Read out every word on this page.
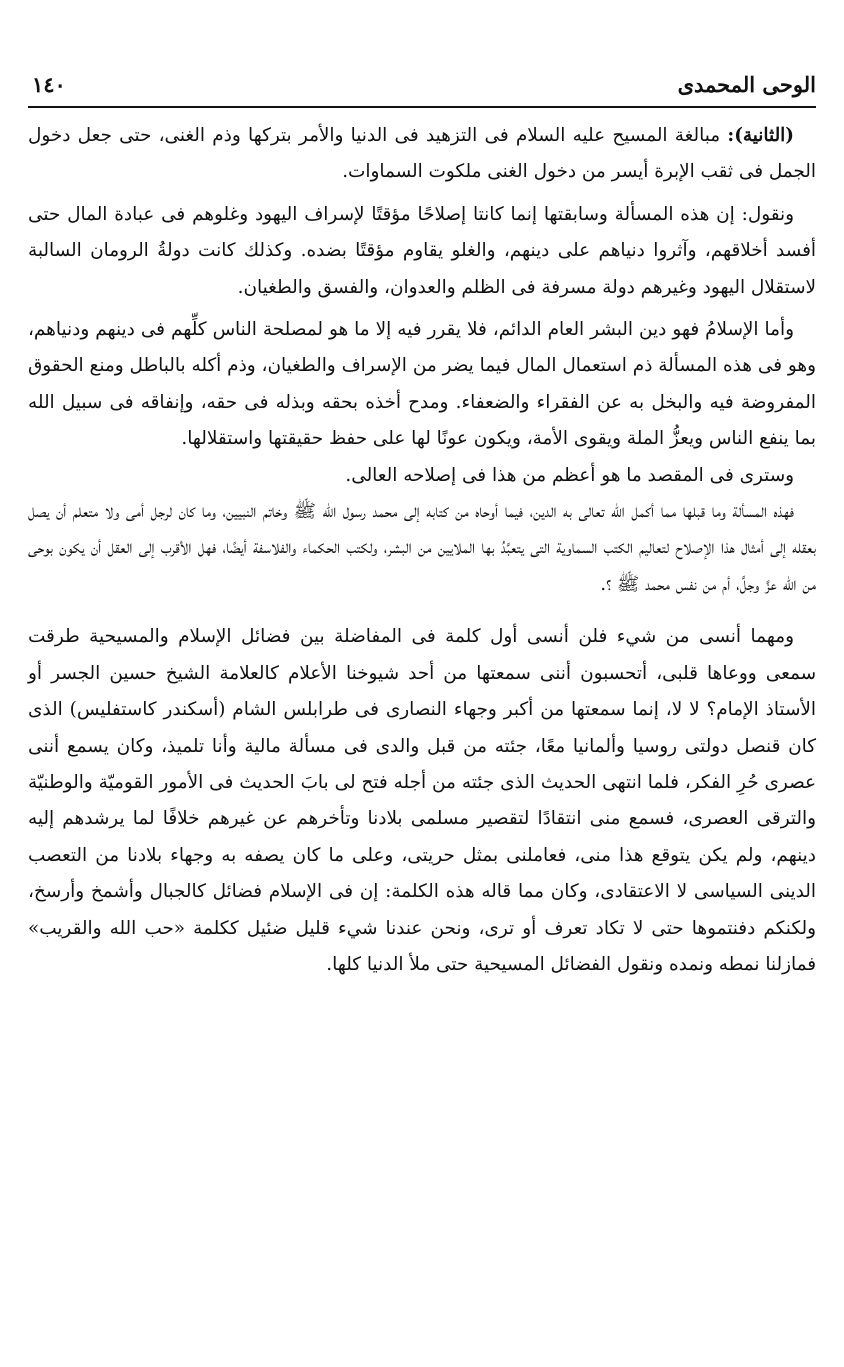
الوحى المحمدى
١٤٠

(الثانية): مبالغة المسيح عليه السلام فى التزهيد فى الدنيا والأمر بتركها وذم الغنى، حتى جعل دخول الجمل فى ثقب الإبرة أيسر من دخول الغنى ملكوت السماوات.

ونقول: إن هذه المسألة وسابقتها إنما كانتا إصلاحًا مؤقتًا لإسراف اليهود وغلوهم فى عبادة المال حتى أفسد أخلاقهم، وآثروا دنياهم على دينهم، والغلو يقاوم مؤقتًا بضده. وكذلك كانت دولةُ الرومان السالبة لاستقلال اليهود وغيرهم دولة مسرفة فى الظلم والعدوان، والفسق والطغيان.

وأما الإسلامُ فهو دين البشر العام الدائم، فلا يقرر فيه إلا ما هو لمصلحة الناس كلِّهم فى دينهم ودنياهم، وهو فى هذه المسألة ذم استعمال المال فيما يضر من الإسراف والطغيان، وذم أكله بالباطل ومنع الحقوق المفروضة فيه والبخل به عن الفقراء والضعفاء. ومدح أخذه بحقه وبذله فى حقه، وإنفاقه فى سبيل الله بما ينفع الناس ويعزُّ الملة ويقوى الأمة، ويكون عونًا لها على حفظ حقيقتها واستقلالها.

وسترى فى المقصد ما هو أعظم من هذا فى إصلاحه العالى.

فهذه المسألة وما قبلها مما أكمل الله تعالى به الدين، فيما أوحاه من كتابه إلى محمد رسول الله ﷺ وخاتم النبيين، وما كان لرجل أمى ولا متعلم أن يصل بعقله إلى أمثال هذا الإصلاح لتعاليم الكتب السماوية التى يتعبَّدُ بها الملايين من البشر، ولكتب الحكماء والفلاسفة أيضًا، فهل الأقرب إلى العقل أن يكون بوحى من الله عزَّ وجلَّ، أم من نفس محمد ﷺ ؟.

ومهما أنسى من شيء فلن أنسى أول كلمة فى المفاضلة بين فضائل الإسلام والمسيحية طرقت سمعى ووعاها قلبى، أتحسبون أننى سمعتها من أحد شيوخنا الأعلام كالعلامة الشيخ حسين الجسر أو الأستاذ الإمام؟ لا لا، إنما سمعتها من أكبر وجهاء النصارى فى طرابلس الشام (أسكندر كاستفليس) الذى كان قنصل دولتى روسيا وألمانيا معًا، جئته من قبل والدى فى مسألة مالية وأنا تلميذ، وكان يسمع أننى عصرى حُرِ الفكر، فلما انتهى الحديث الذى جئته من أجله فتح لى بابَ الحديث فى الأمور القوميّة والوطنيّة والترقى العصرى، فسمع منى انتقادًا لتقصير مسلمى بلادنا وتأخرهم عن غيرهم خلافًا لما يرشدهم إليه دينهم، ولم يكن يتوقع هذا منى، فعاملنى بمثل حريتى، وعلى ما كان يصفه به وجهاء بلادنا من التعصب الدينى السياسى لا الاعتقادى، وكان مما قاله هذه الكلمة: إن فى الإسلام فضائل كالجبال وأشمخ وأرسخ، ولكنكم دفنتموها حتى لا تكاد تعرف أو ترى، ونحن عندنا شيء قليل ضئيل ككلمة «حب الله والقريب» فمازلنا نمطه ونمده ونقول الفضائل المسيحية حتى ملأ الدنيا كلها.
